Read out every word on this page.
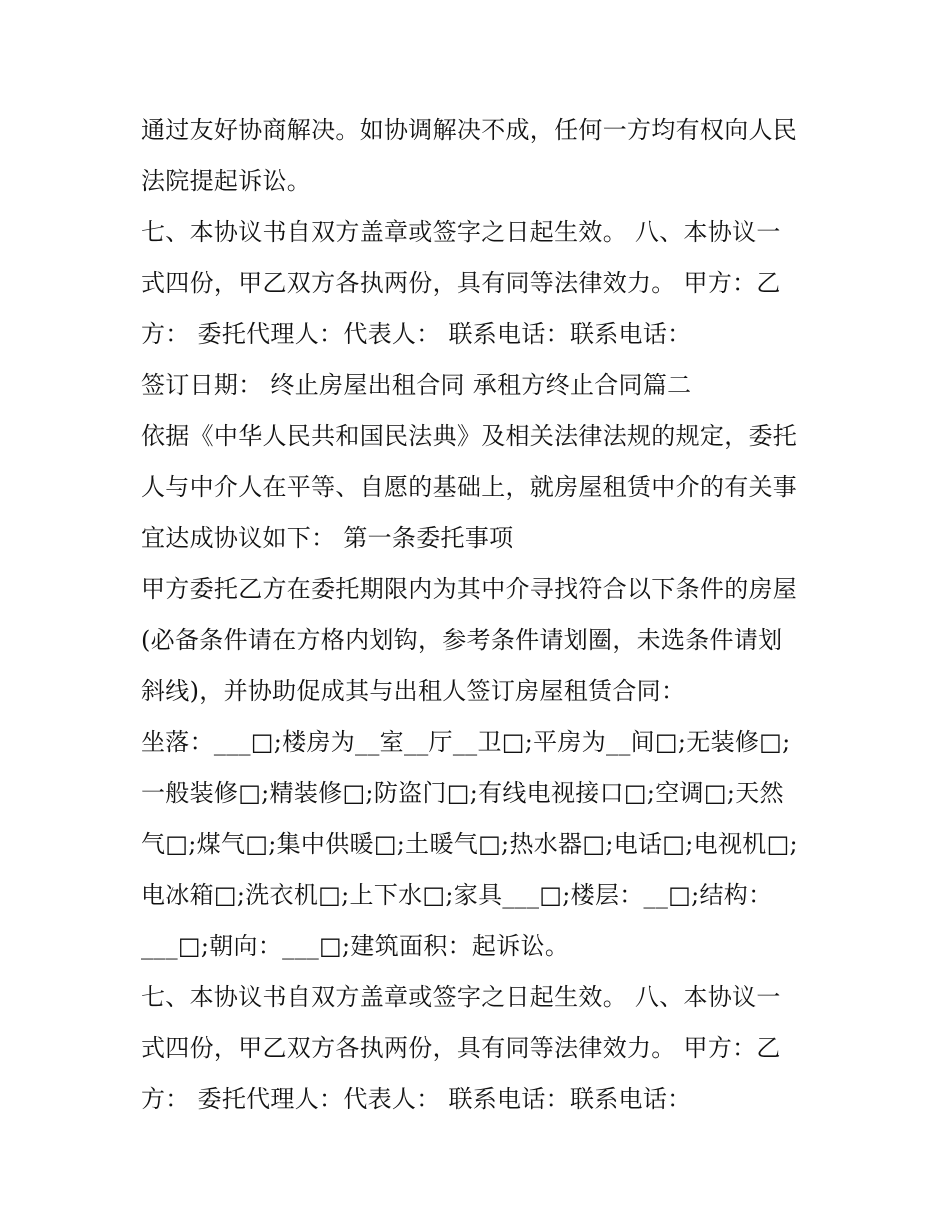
通过友好协商解决。如协调解决不成，任何一方均有权向人民
法院提起诉讼。
七、本协议书自双方盖章或签字之日起生效。 八、本协议一
式四份，甲乙双方各执两份，具有同等法律效力。 甲方：乙
方： 委托代理人：代表人： 联系电话：联系电话：
签订日期： 终止房屋出租合同 承租方终止合同篇二
依据《中华人民共和国民法典》及相关法律法规的规定，委托
人与中介人在平等、自愿的基础上，就房屋租赁中介的有关事
宜达成协议如下： 第一条委托事项
甲方委托乙方在委托期限内为其中介寻找符合以下条件的房屋
(必备条件请在方格内划钩，参考条件请划圈，未选条件请划
斜线)，并协助促成其与出租人签订房屋租赁合同：
坐落：___□;楼房为__室__厅__卫□;平房为__间□;无装修□;
一般装修□;精装修□;防盗门□;有线电视接口□;空调□;天然
气□;煤气□;集中供暖□;土暖气□;热水器□;电话□;电视机□;
电冰箱□;洗衣机□;上下水□;家具___□;楼层：__□;结构：
___□;朝向：___□;建筑面积：起诉讼。
七、本协议书自双方盖章或签字之日起生效。 八、本协议一
式四份，甲乙双方各执两份，具有同等法律效力。 甲方：乙
方： 委托代理人：代表人： 联系电话：联系电话：
